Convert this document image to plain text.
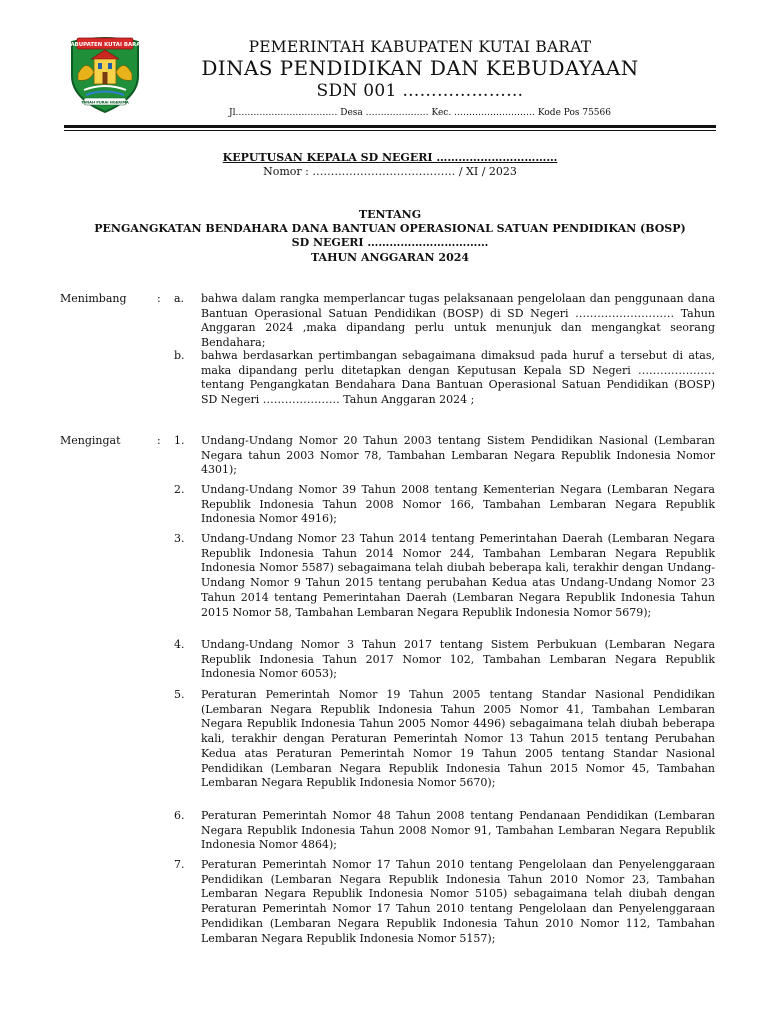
KABUPATEN KUTAI BARAT
TANAH PURAI NGERIMA
PEMERINTAH KABUPATEN KUTAI BARAT
DINAS PENDIDIKAN DAN KEBUDAYAAN
SDN 001 …………………
Jl.…………………………… Desa ………………… Kec. ……………………… Kode Pos 75566
KEPUTUSAN KEPALA SD NEGERI ……………………………
Nomor : ………………………………… / XI / 2023
TENTANG
PENGANGKATAN BENDAHARA DANA BANTUAN OPERASIONAL SATUAN PENDIDIKAN (BOSP)
SD NEGERI ……………………………
TAHUN ANGGARAN 2024
Menimbang	: a.	bahwa dalam rangka memperlancar tugas pelaksanaan pengelolaan dan penggunaan dana Bantuan Operasional Satuan Pendidikan (BOSP) di SD Negeri ……………………… Tahun Anggaran 2024 ,maka dipandang perlu untuk menunjuk dan mengangkat seorang Bendahara;
b.	bahwa berdasarkan pertimbangan sebagaimana dimaksud pada huruf a tersebut di atas, maka dipandang perlu ditetapkan dengan Keputusan Kepala SD Negeri ………………… tentang Pengangkatan Bendahara Dana Bantuan Operasional Satuan Pendidikan (BOSP) SD Negeri ………………… Tahun Anggaran 2024 ;
Mengingat	: 1.	Undang-Undang Nomor 20 Tahun 2003 tentang Sistem Pendidikan Nasional (Lembaran Negara tahun 2003 Nomor 78, Tambahan Lembaran Negara Republik Indonesia Nomor 4301);
2.	Undang-Undang Nomor 39 Tahun 2008 tentang Kementerian Negara (Lembaran Negara Republik Indonesia Tahun 2008 Nomor 166, Tambahan Lembaran Negara Republik Indonesia Nomor 4916);
3.	Undang-Undang Nomor 23 Tahun 2014 tentang Pemerintahan Daerah (Lembaran Negara Republik Indonesia Tahun 2014 Nomor 244, Tambahan Lembaran Negara Republik Indonesia Nomor 5587) sebagaimana telah diubah beberapa kali, terakhir dengan Undang-Undang Nomor 9 Tahun 2015 tentang perubahan Kedua atas Undang-Undang Nomor 23 Tahun 2014 tentang Pemerintahan Daerah (Lembaran Negara Republik Indonesia Tahun 2015 Nomor 58, Tambahan Lembaran Negara Republik Indonesia Nomor 5679);
4.	Undang-Undang Nomor 3 Tahun 2017 tentang Sistem Perbukuan (Lembaran Negara Republik Indonesia Tahun 2017 Nomor 102, Tambahan Lembaran Negara Republik Indonesia Nomor 6053);
5.	Peraturan Pemerintah Nomor 19 Tahun 2005 tentang Standar Nasional Pendidikan (Lembaran Negara Republik Indonesia Tahun 2005 Nomor 41, Tambahan Lembaran Negara Republik Indonesia Tahun 2005 Nomor 4496) sebagaimana telah diubah beberapa kali, terakhir dengan Peraturan Pemerintah Nomor 13 Tahun 2015 tentang Perubahan Kedua atas Peraturan Pemerintah Nomor 19 Tahun 2005 tentang Standar Nasional Pendidikan (Lembaran Negara Republik Indonesia Tahun 2015 Nomor 45, Tambahan Lembaran Negara Republik Indonesia Nomor 5670);
6.	Peraturan Pemerintah Nomor 48 Tahun 2008 tentang Pendanaan Pendidikan (Lembaran Negara Republik Indonesia Tahun 2008 Nomor 91, Tambahan Lembaran Negara Republik Indonesia Nomor 4864);
7.	Peraturan Pemerintah Nomor 17 Tahun 2010 tentang Pengelolaan dan Penyelenggaraan Pendidikan (Lembaran Negara Republik Indonesia Tahun 2010 Nomor 23, Tambahan Lembaran Negara Republik Indonesia Nomor 5105) sebagaimana telah diubah dengan Peraturan Pemerintah Nomor 17 Tahun 2010 tentang Pengelolaan dan Penyelenggaraan Pendidikan (Lembaran Negara Republik Indonesia Tahun 2010 Nomor 112, Tambahan Lembaran Negara Republik Indonesia Nomor 5157);
